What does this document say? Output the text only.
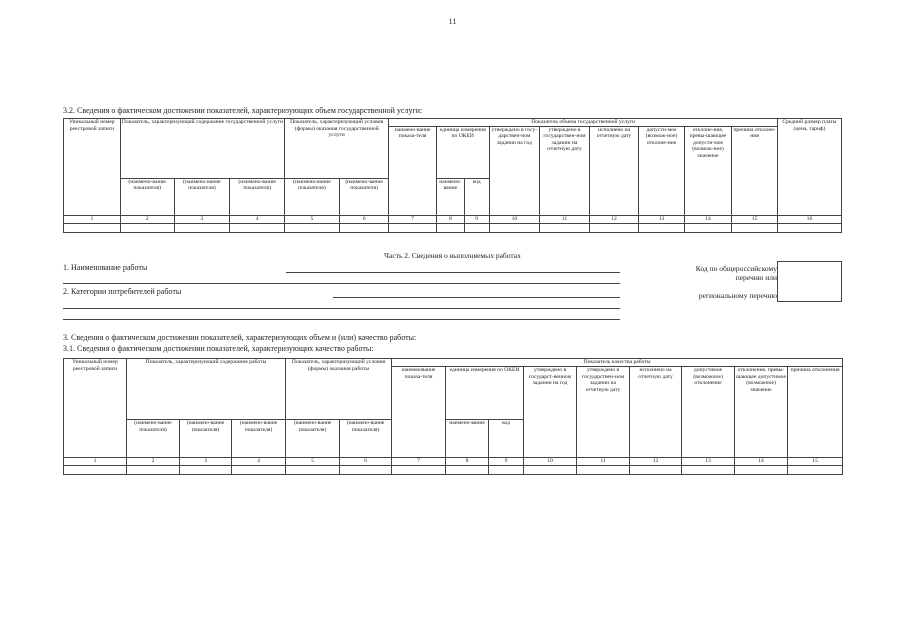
11
3.2. Сведения о фактическом достижении показателей, характеризующих объем государственной услуги:
Уникальный номер реестровой записи	Показатель, характеризующий содержание государственной услуги			Показатель, характеризующий условия (формы) оказания государственной услуги		Показатель объема государственной услуги									Средний размер платы (цена, тариф)
						наимено-вание показа-теля	единица измерения по ОКЕИ		утверждено в госу-дарствен-ном задании на год	утверждено в государствен-ном задании на отчетную дату	исполнено на отчетную дату	допусти-мое (возмож-ное) отклоне-ние	отклоне-ние, превы-шающее допусти-мое (возмож-ное) значение	причина отклоне-ния	
	(наимено-вание показателя)	(наимено-вание показателя)	(наимено-вание показателя)	(наимено-вание показателя)	(наимено-вание показателя)		наимено-вание	код							
1	2	3	4	5	6	7	8	9	10	11	12	13	14	15	16

Часть 2. Сведения о выполняемых работах
1. Наименование работы
2. Категории потребителей работы
Код по общероссийскому
перечню или
региональному перечню
3. Сведения о фактическом достижении показателей, характеризующих объем и (или) качество работы:
3.1. Сведения о фактическом достижении показателей, характеризующих качество работы:
Уникальный номер реестровой записи	Показатель, характеризующий содержание работы			Показатель, характеризующий условия (формы) оказания работы		Показатель качества работы								
						наименование показа-теля	единица измерения по ОКЕИ		утверждено в государст-венном задании на год	утверждено в государствен-ном задании на отчетную дату	исполнено на отчетную дату	допустимое (возможное) отклонение	отклонение, превы-шающее допустимое (возможное) значение	причина отклонения
	(наимено-вание показателя)	(наимено-вание показателя)	(наимено-вание показателя)	(наимено-вание показателя)	(наимено-вание показателя)		наимено-вание	код						
1	2	3	4	5	6	7	8	9	10	11	12	13	14	15
